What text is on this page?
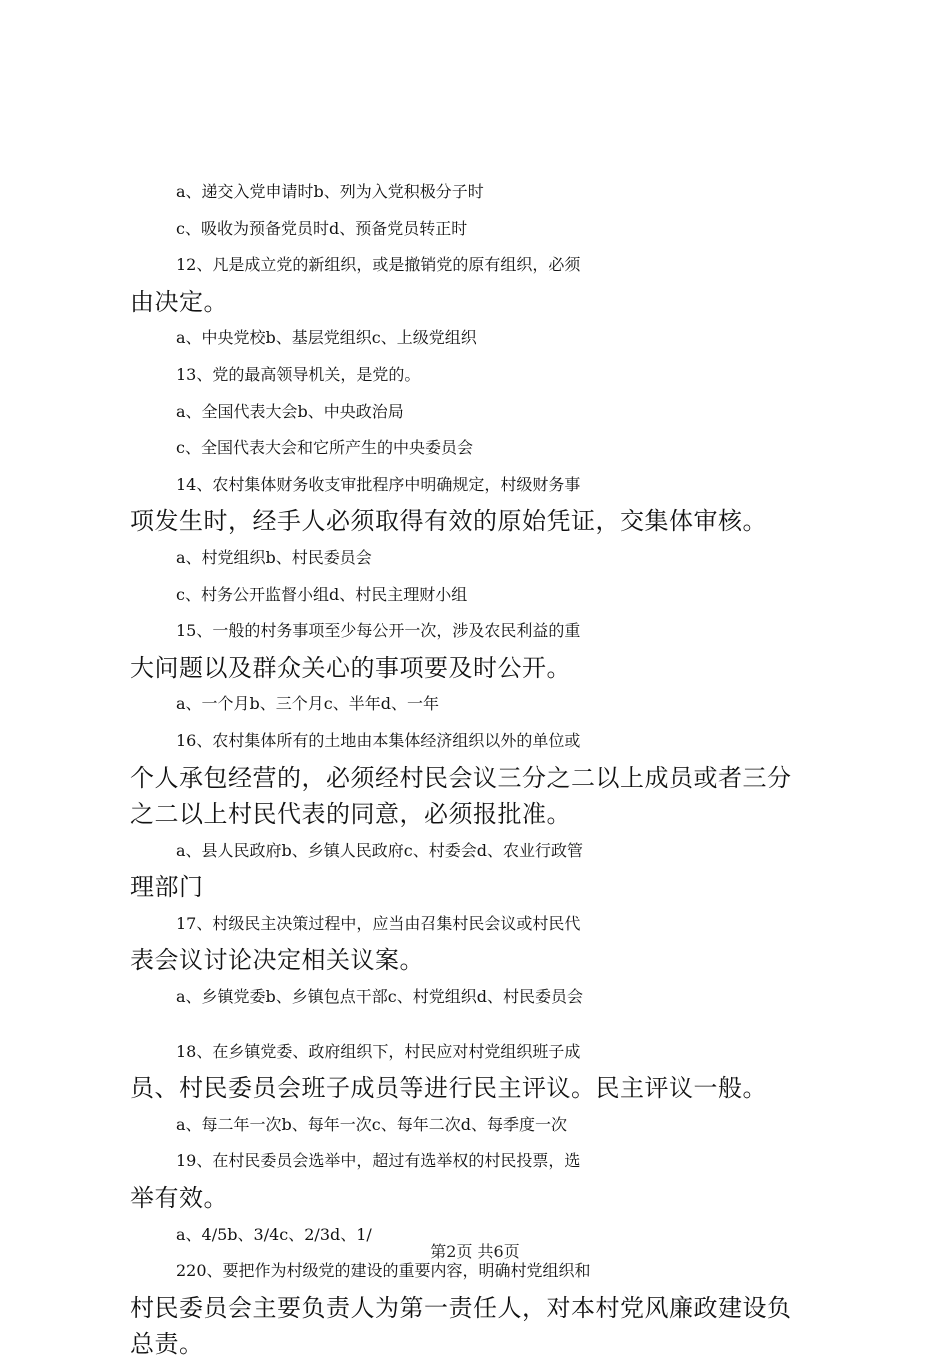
a、递交入党申请时b、列为入党积极分子时
c、吸收为预备党员时d、预备党员转正时
12、凡是成立党的新组织，或是撤销党的原有组织，必须
由决定。
a、中央党校b、基层党组织c、上级党组织
13、党的最高领导机关，是党的。
a、全国代表大会b、中央政治局
c、全国代表大会和它所产生的中央委员会
14、农村集体财务收支审批程序中明确规定，村级财务事
项发生时，经手人必须取得有效的原始凭证，交集体审核。
a、村党组织b、村民委员会
c、村务公开监督小组d、村民主理财小组
15、一般的村务事项至少每公开一次，涉及农民利益的重
大问题以及群众关心的事项要及时公开。
a、一个月b、三个月c、半年d、一年
16、农村集体所有的土地由本集体经济组织以外的单位或
个人承包经营的，必须经村民会议三分之二以上成员或者三分
之二以上村民代表的同意，必须报批准。
a、县人民政府b、乡镇人民政府c、村委会d、农业行政管
理部门
17、村级民主决策过程中，应当由召集村民会议或村民代
表会议讨论决定相关议案。
a、乡镇党委b、乡镇包点干部c、村党组织d、村民委员会
18、在乡镇党委、政府组织下，村民应对村党组织班子成
员、村民委员会班子成员等进行民主评议。民主评议一般。
a、每二年一次b、每年一次c、每年二次d、每季度一次
19、在村民委员会选举中，超过有选举权的村民投票，选
举有效。
a、4/5b、3/4c、2/3d、1/
220、要把作为村级党的建设的重要内容，明确村党组织和
村民委员会主要负责人为第一责任人，对本村党风廉政建设负
总责。
第2页 共6页
